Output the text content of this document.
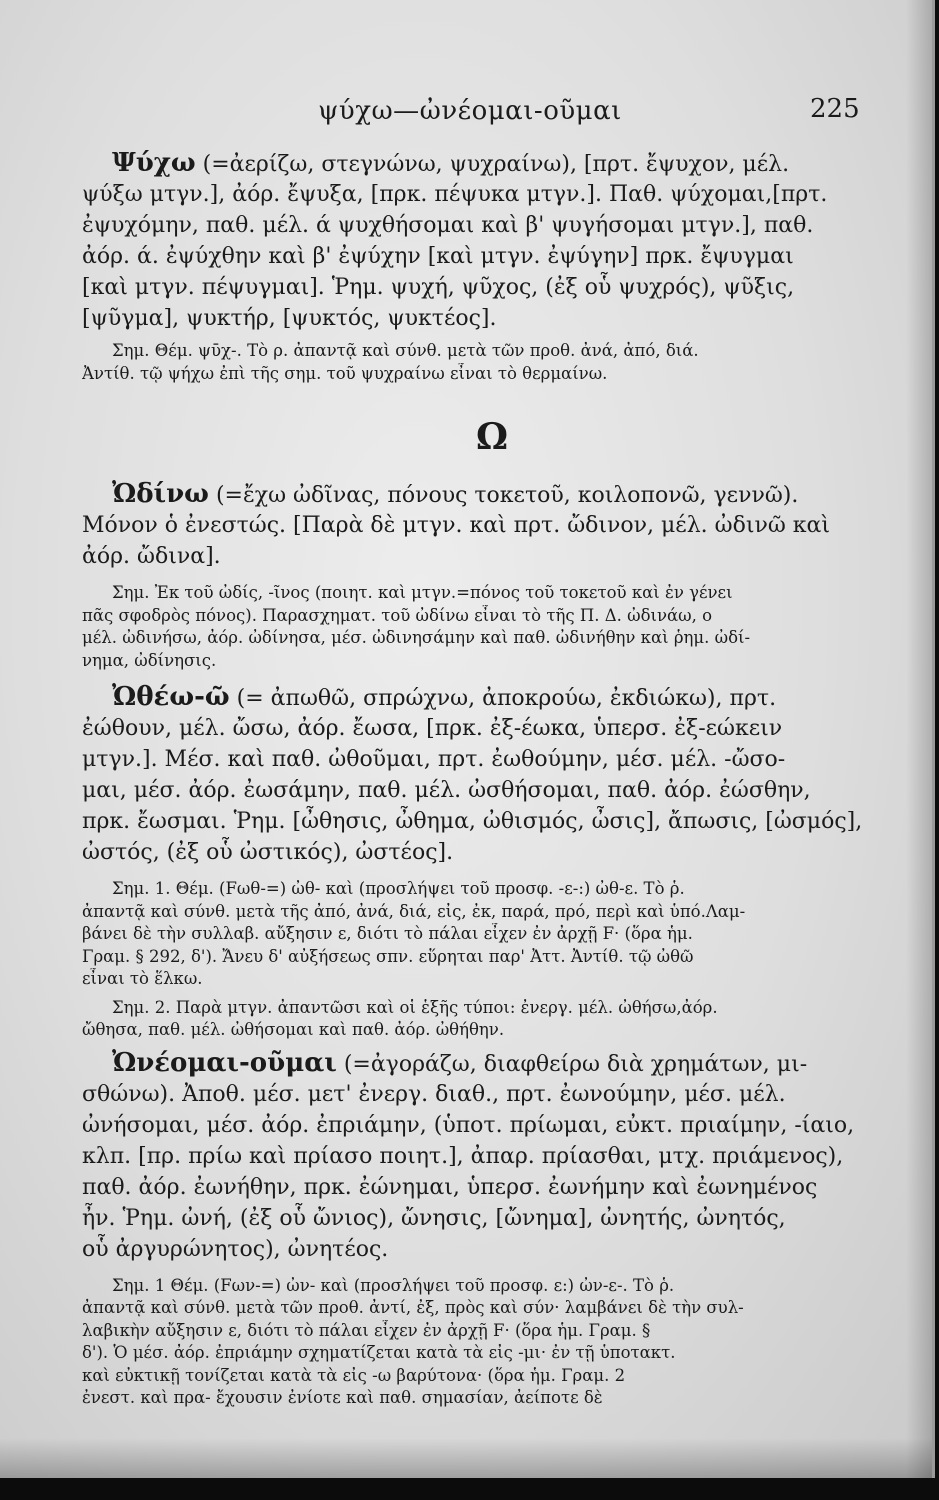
ψύχω—ὠνέομαι-οῦμαι	225
Ψύχω (=ἀερίζω, στεγνώνω, ψυχραίνω), [πρτ. ἔψυχον, μέλ.
ψύξω μτγν.], ἀόρ. ἔψυξα, [πρκ. πέψυκα μτγν.]. Παθ. ψύχομαι,[πρτ.
ἐψυχόμην, παθ. μέλ. ά ψυχθήσομαι καὶ β' ψυγήσομαι μτγν.], παθ.
ἀόρ. ά. ἐψύχθην καὶ β' ἐψύχην [καὶ μτγν. ἐψύγην] πρκ. ἔψυγμαι
[καὶ μτγν. πέψυγμαι]. Ῥημ. ψυχή, ψῦχος, (ἐξ οὗ ψυχρός), ψῦξις,
[ψῦγμα], ψυκτήρ, [ψυκτός, ψυκτέος].
Σημ. Θέμ. ψῡχ-. Τὸ ρ. ἀπαντᾷ καὶ σύνθ. μετὰ τῶν προθ. ἀνά, ἀπό, διά.
Ἀντίθ. τῷ ψήχω ἐπὶ τῆς σημ. τοῦ ψυχραίνω εἶναι τὸ θερμαίνω.
Ω
Ὠδίνω (=ἔχω ὠδῖνας, πόνους τοκετοῦ, κοιλοπονῶ, γεννῶ).
Μόνον ὁ ἐνεστώς. [Παρὰ δὲ μτγν. καὶ πρτ. ὤδινον, μέλ. ὠδινῶ καὶ
ἀόρ. ὤδινα].
Σημ. Ἐκ τοῦ ὠδίς, -ῖνος (ποιητ. καὶ μτγν.=πόνος τοῦ τοκετοῦ καὶ ἐν γένει
πᾶς σφοδρὸς πόνος). Παρασχηματ. τοῦ ὠδίνω εἶναι τὸ τῆς Π. Δ. ὠδινάω, ο
μέλ. ὠδινήσω, ἀόρ. ὠδίνησα, μέσ. ὠδινησάμην καὶ παθ. ὠδινήθην καὶ ῥημ. ὠδί-
νημα, ὠδίνησις.
Ὠθέω-ῶ (= ἀπωθῶ, σπρώχνω, ἀποκρούω, ἐκδιώκω), πρτ.
ἐώθουν, μέλ. ὤσω, ἀόρ. ἔωσα, [πρκ. ἐξ-έωκα, ὑπερσ. ἐξ-εώκειν
μτγν.]. Μέσ. καὶ παθ. ὠθοῦμαι, πρτ. ἐωθούμην, μέσ. μέλ. -ὤσο-
μαι, μέσ. ἀόρ. ἐωσάμην, παθ. μέλ. ὠσθήσομαι, παθ. ἀόρ. ἐώσθην,
πρκ. ἔωσμαι. Ῥημ. [ὦθησις, ὦθημα, ὠθισμός, ὦσις], ἄπωσις, [ὠσμός],
ὠστός, (ἐξ οὗ ὠστικός), ὠστέος].
Σημ. 1. Θέμ. (Fωθ-=) ὠθ- καὶ (προσλήψει τοῦ προσφ. -ε-:) ὠθ-ε. Τὸ ῥ.
ἀπαντᾷ καὶ σύνθ. μετὰ τῆς ἀπό, ἀνά, διά, εἰς, ἐκ, παρά, πρό, περὶ καὶ ὑπό.Λαμ-
βάνει δὲ τὴν συλλαβ. αὔξησιν ε, διότι τὸ πάλαι εἶχεν ἐν ἀρχῇ F· (ὅρα ἡμ.
Γραμ. § 292, δ'). Ἄνευ δ' αὐξήσεως σπν. εὕρηται παρ' Ἀττ. Ἀντίθ. τῷ ὠθῶ
εἶναι τὸ ἕλκω.
Σημ. 2. Παρὰ μτγν. ἀπαντῶσι καὶ οἱ ἑξῆς τύποι: ἐνεργ. μέλ. ὠθήσω,ἀόρ.
ὤθησα, παθ. μέλ. ὠθήσομαι καὶ παθ. ἀόρ. ὠθήθην.
Ὠνέομαι-οῦμαι (=ἀγοράζω, διαφθείρω διὰ χρημάτων, μι-
σθώνω). Ἀποθ. μέσ. μετ' ἐνεργ. διαθ., πρτ. ἐωνούμην, μέσ. μέλ.
ὠνήσομαι, μέσ. ἀόρ. ἐπριάμην, (ὑποτ. πρίωμαι, εὐκτ. πριαίμην, -ίαιο,
κλπ. [πρ. πρίω καὶ πρίασο ποιητ.], ἀπαρ. πρίασθαι, μτχ. πριάμενος),
παθ. ἀόρ. ἐωνήθην, πρκ. ἐώνημαι, ὑπερσ. ἐωνήμην καὶ ἐωνημένος
ἦν. Ῥημ. ὠνή, (ἐξ οὗ ὤνιος), ὤνησις, [ὤνημα], ὠνητής, ὠνητός,
οὗ ἀργυρώνητος), ὠνητέος.
Σημ. 1 Θέμ. (Fων-=) ὠν- καὶ (προσλήψει τοῦ προσφ. ε:) ὠν-ε-. Τὸ ῥ.
ἀπαντᾷ καὶ σύνθ. μετὰ τῶν προθ. ἀντί, ἐξ, πρὸς καὶ σύν· λαμβάνει δὲ τὴν συλ-
λαβικὴν αὔξησιν ε, διότι τὸ πάλαι εἶχεν ἐν ἀρχῇ F· (ὅρα ἡμ. Γραμ. §
δ'). Ὁ μέσ. ἀόρ. ἐπριάμην σχηματίζεται κατὰ τὰ εἰς -μι· ἐν τῇ ὑποτακτ.
καὶ εὐκτικῇ τονίζεται κατὰ τὰ εἰς -ω βαρύτονα· (ὅρα ἡμ. Γραμ. 2
ἐνεστ. καὶ πρα- ἔχουσιν ἐνίοτε καὶ παθ. σημασίαν, ἀείποτε δὲ
